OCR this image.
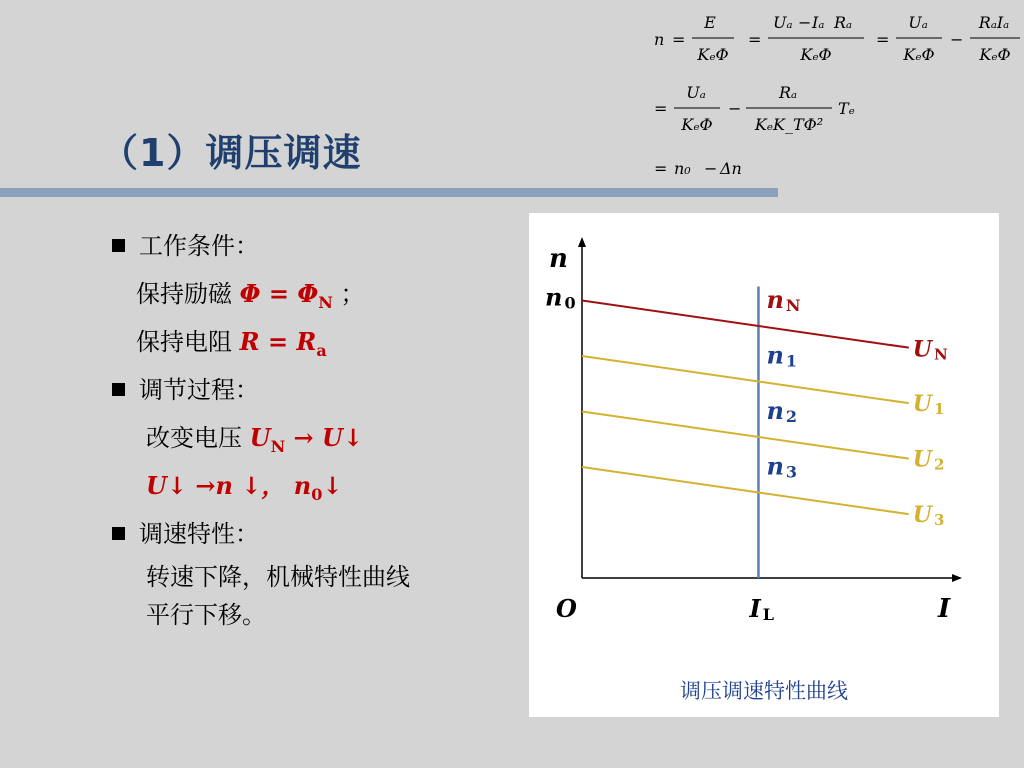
（1）调压调速
n =
E
KₑΦ
=
Uₐ − Iₐ Rₐ
KₑΦ
=
Uₐ
KₑΦ
−
RₐIₐ
KₑΦ
=
Uₐ
KₑΦ
−
Rₐ
KₑK_TΦ²
Tₑ
= n₀ − Δn
工作条件：
保持励磁 $\Phi = \Phi_N$ ；
保持电阻 $R = R_a$
调节过程：
改变电压 $U_N$ → U↓
U↓ →n ↓， $n_0↓$
调速特性：
转速下降，机械特性曲线
平行下移。
n
I
O
n 0
I L
U N
n N
U 1
n 1
U 2
n 2
U 3
n 3
调压调速特性曲线
